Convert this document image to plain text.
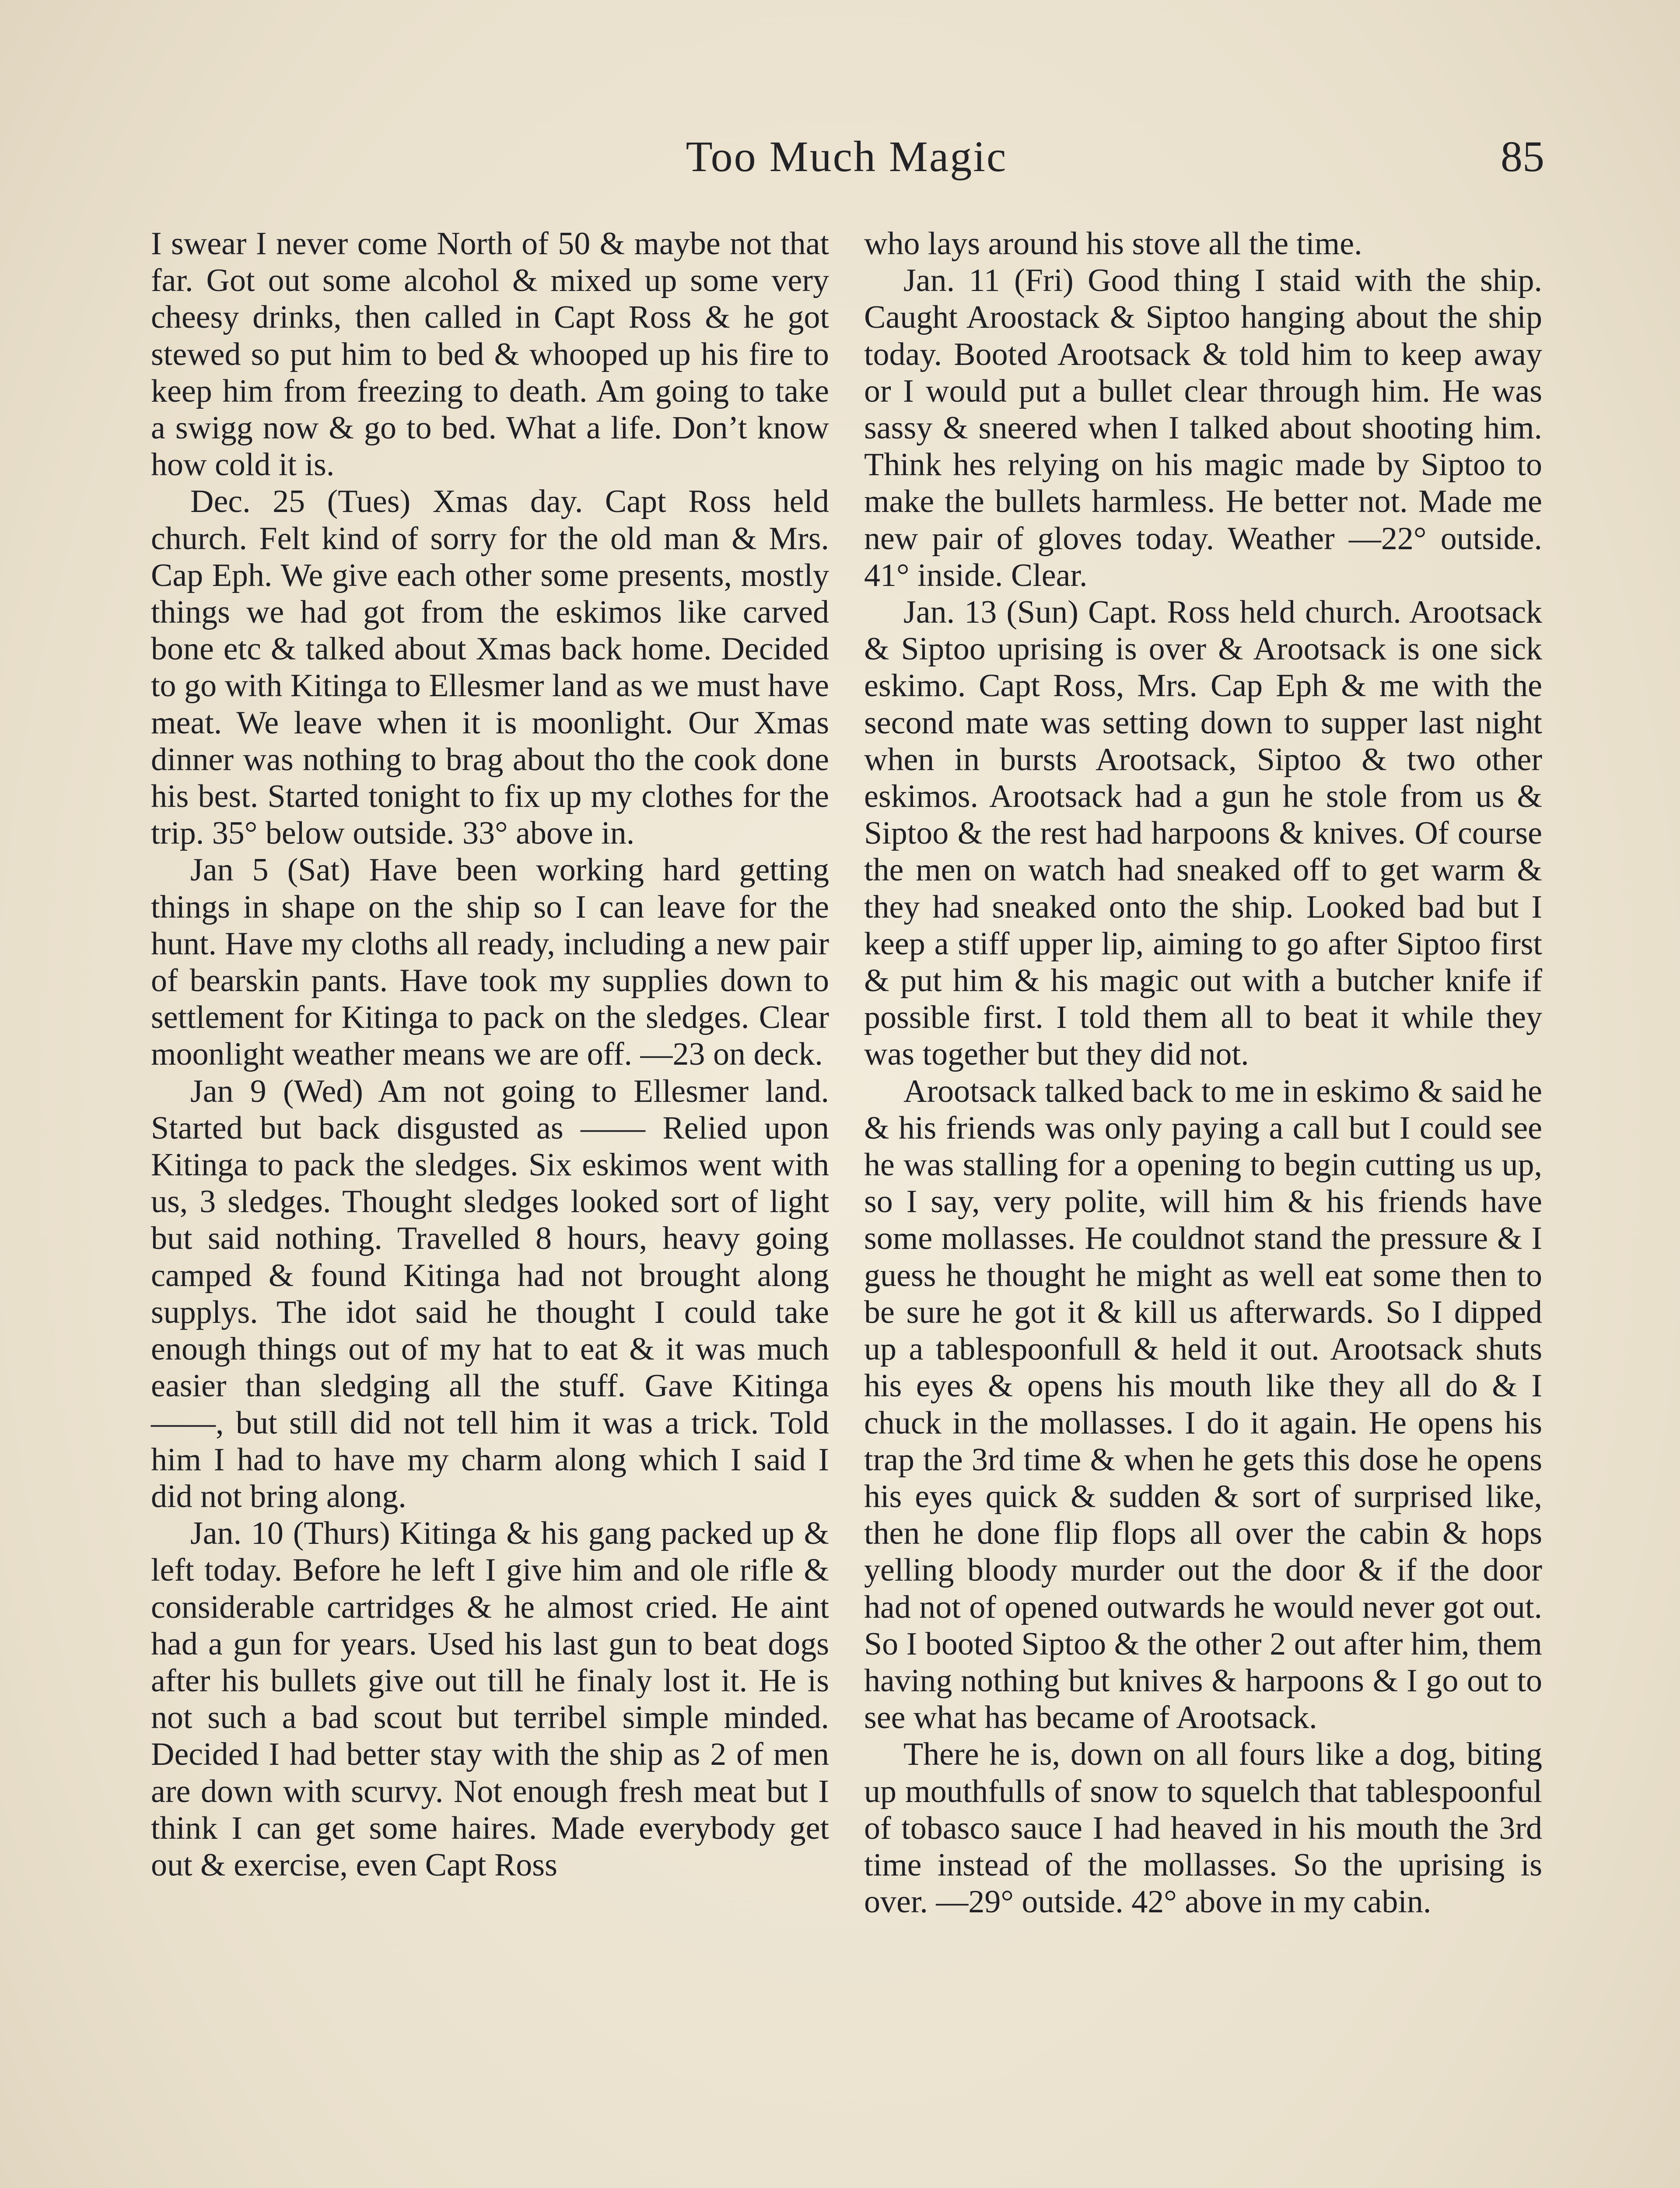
Too Much Magic	85

I swear I never come North of 50 & maybe not that far. Got out some alcohol & mixed up some very cheesy drinks, then called in Capt Ross & he got stewed so put him to bed & whooped up his fire to keep him from freezing to death. Am going to take a swigg now & go to bed. What a life. Don’t know how cold it is.

Dec. 25 (Tues) Xmas day. Capt Ross held church. Felt kind of sorry for the old man & Mrs. Cap Eph. We give each other some presents, mostly things we had got from the eskimos like carved bone etc & talked about Xmas back home. Decided to go with Kitinga to Ellesmer land as we must have meat. We leave when it is moonlight. Our Xmas dinner was nothing to brag about tho the cook done his best. Started tonight to fix up my clothes for the trip. 35° below outside. 33° above in.

Jan 5 (Sat) Have been working hard getting things in shape on the ship so I can leave for the hunt. Have my cloths all ready, including a new pair of bearskin pants. Have took my supplies down to settlement for Kitinga to pack on the sledges. Clear moonlight weather means we are off. —23 on deck.

Jan 9 (Wed) Am not going to Ellesmer land. Started but back disgusted as —— Relied upon Kitinga to pack the sledges. Six eskimos went with us, 3 sledges. Thought sledges looked sort of light but said nothing. Travelled 8 hours, heavy going camped & found Kitinga had not brought along supplys. The idot said he thought I could take enough things out of my hat to eat & it was much easier than sledging all the stuff. Gave Kitinga ——, but still did not tell him it was a trick. Told him I had to have my charm along which I said I did not bring along.

Jan. 10 (Thurs) Kitinga & his gang packed up & left today. Before he left I give him and ole rifle & considerable cartridges & he almost cried. He aint had a gun for years. Used his last gun to beat dogs after his bullets give out till he finaly lost it. He is not such a bad scout but terribel simple minded. Decided I had better stay with the ship as 2 of men are down with scurvy. Not enough fresh meat but I think I can get some haires. Made everybody get out & exercise, even Capt Ross

who lays around his stove all the time.

Jan. 11 (Fri) Good thing I staid with the ship. Caught Aroostack & Siptoo hanging about the ship today. Booted Arootsack & told him to keep away or I would put a bullet clear through him. He was sassy & sneered when I talked about shooting him. Think hes relying on his magic made by Siptoo to make the bullets harmless. He better not. Made me new pair of gloves today. Weather —22° outside. 41° inside. Clear.

Jan. 13 (Sun) Capt. Ross held church. Arootsack & Siptoo uprising is over & Arootsack is one sick eskimo. Capt Ross, Mrs. Cap Eph & me with the second mate was setting down to supper last night when in bursts Arootsack, Siptoo & two other eskimos. Arootsack had a gun he stole from us & Siptoo & the rest had harpoons & knives. Of course the men on watch had sneaked off to get warm & they had sneaked onto the ship. Looked bad but I keep a stiff upper lip, aiming to go after Siptoo first & put him & his magic out with a butcher knife if possible first. I told them all to beat it while they was together but they did not.

Arootsack talked back to me in eskimo & said he & his friends was only paying a call but I could see he was stalling for a opening to begin cutting us up, so I say, very polite, will him & his friends have some mollasses. He couldnot stand the pressure & I guess he thought he might as well eat some then to be sure he got it & kill us afterwards. So I dipped up a tablespoonfull & held it out. Arootsack shuts his eyes & opens his mouth like they all do & I chuck in the mollasses. I do it again. He opens his trap the 3rd time & when he gets this dose he opens his eyes quick & sudden & sort of surprised like, then he done flip flops all over the cabin & hops yelling bloody murder out the door & if the door had not of opened outwards he would never got out. So I booted Siptoo & the other 2 out after him, them having nothing but knives & harpoons & I go out to see what has became of Arootsack.

There he is, down on all fours like a dog, biting up mouthfulls of snow to squelch that tablespoonful of tobasco sauce I had heaved in his mouth the 3rd time instead of the mollasses. So the uprising is over. —29° outside. 42° above in my cabin.
